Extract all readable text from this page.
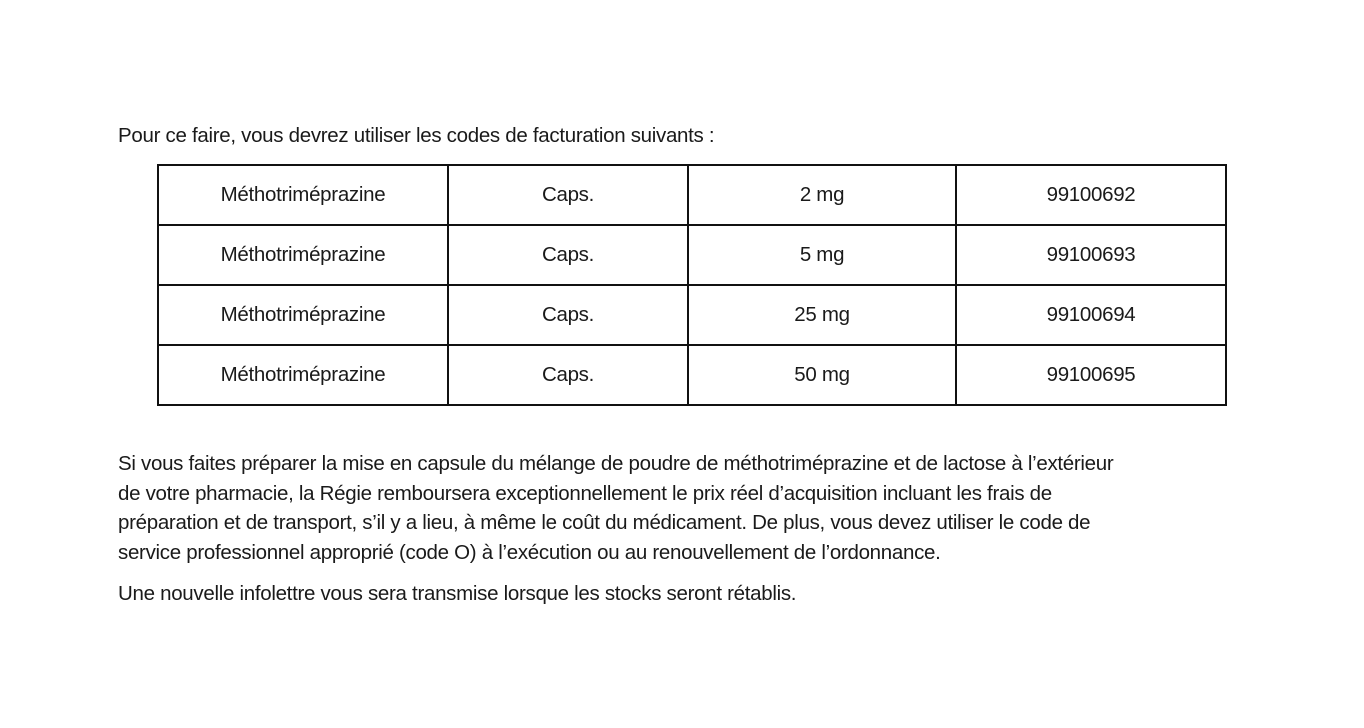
Pour ce faire, vous devrez utiliser les codes de facturation suivants :
Méthotriméprazine	Caps.	2 mg	99100692
Méthotriméprazine	Caps.	5 mg	99100693
Méthotriméprazine	Caps.	25 mg	99100694
Méthotriméprazine	Caps.	50 mg	99100695
Si vous faites préparer la mise en capsule du mélange de poudre de méthotriméprazine et de lactose à l’extérieur
de votre pharmacie, la Régie remboursera exceptionnellement le prix réel d’acquisition incluant les frais de
préparation et de transport, s’il y a lieu, à même le coût du médicament. De plus, vous devez utiliser le code de
service professionnel approprié (code O) à l’exécution ou au renouvellement de l’ordonnance.
Une nouvelle infolettre vous sera transmise lorsque les stocks seront rétablis.
